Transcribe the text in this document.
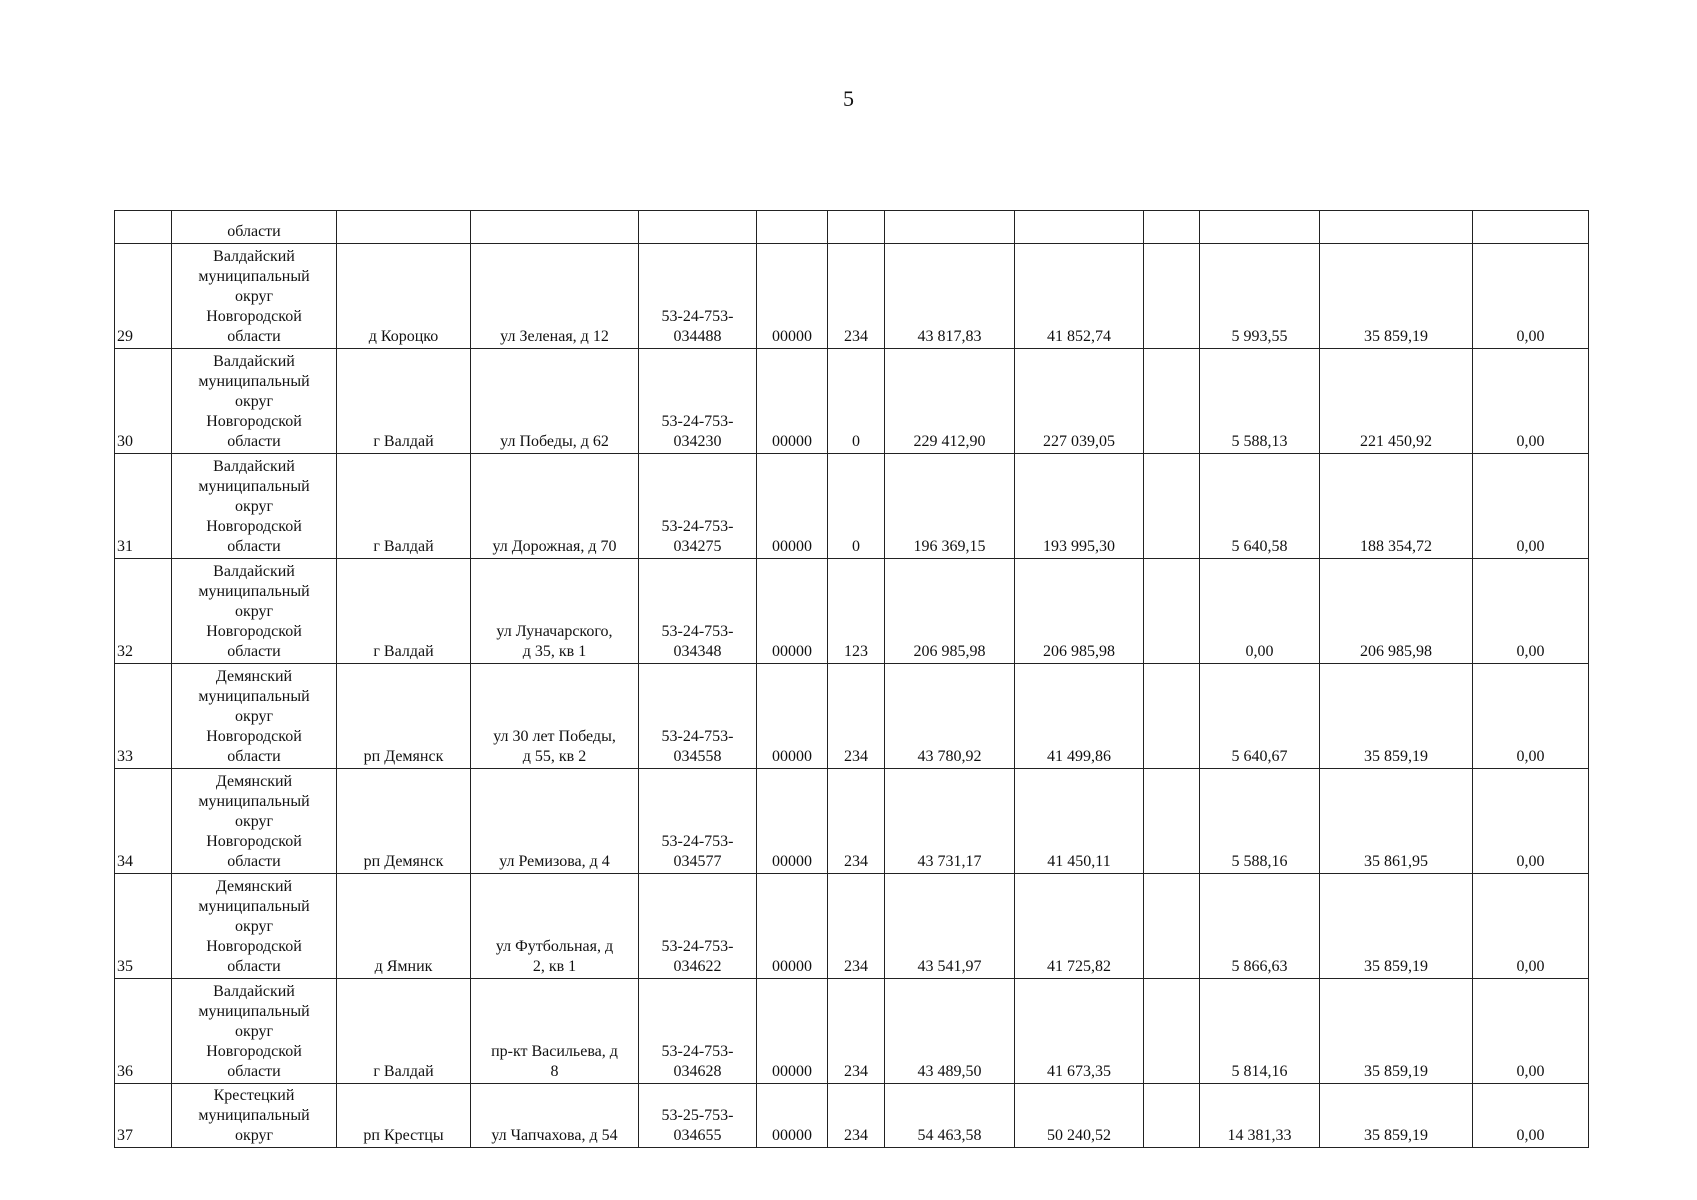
5
	области											
29	Валдайский
муниципальный
округ
Новгородской
области	д Короцко	ул Зеленая, д 12	53-24-753-
034488	00000	234	43 817,83	41 852,74		5 993,55	35 859,19	0,00
30	Валдайский
муниципальный
округ
Новгородской
области	г Валдай	ул Победы, д 62	53-24-753-
034230	00000	0	229 412,90	227 039,05		5 588,13	221 450,92	0,00
31	Валдайский
муниципальный
округ
Новгородской
области	г Валдай	ул Дорожная, д 70	53-24-753-
034275	00000	0	196 369,15	193 995,30		5 640,58	188 354,72	0,00
32	Валдайский
муниципальный
округ
Новгородской
области	г Валдай	ул Луначарского,
д 35, кв 1	53-24-753-
034348	00000	123	206 985,98	206 985,98		0,00	206 985,98	0,00
33	Демянский
муниципальный
округ
Новгородской
области	рп Демянск	ул 30 лет Победы,
д 55, кв 2	53-24-753-
034558	00000	234	43 780,92	41 499,86		5 640,67	35 859,19	0,00
34	Демянский
муниципальный
округ
Новгородской
области	рп Демянск	ул Ремизова, д 4	53-24-753-
034577	00000	234	43 731,17	41 450,11		5 588,16	35 861,95	0,00
35	Демянский
муниципальный
округ
Новгородской
области	д Ямник	ул Футбольная, д
2, кв 1	53-24-753-
034622	00000	234	43 541,97	41 725,82		5 866,63	35 859,19	0,00
36	Валдайский
муниципальный
округ
Новгородской
области	г Валдай	пр-кт Васильева, д
8	53-24-753-
034628	00000	234	43 489,50	41 673,35		5 814,16	35 859,19	0,00
37	Крестецкий
муниципальный
округ	рп Крестцы	ул Чапчахова, д 54	53-25-753-
034655	00000	234	54 463,58	50 240,52		14 381,33	35 859,19	0,00
